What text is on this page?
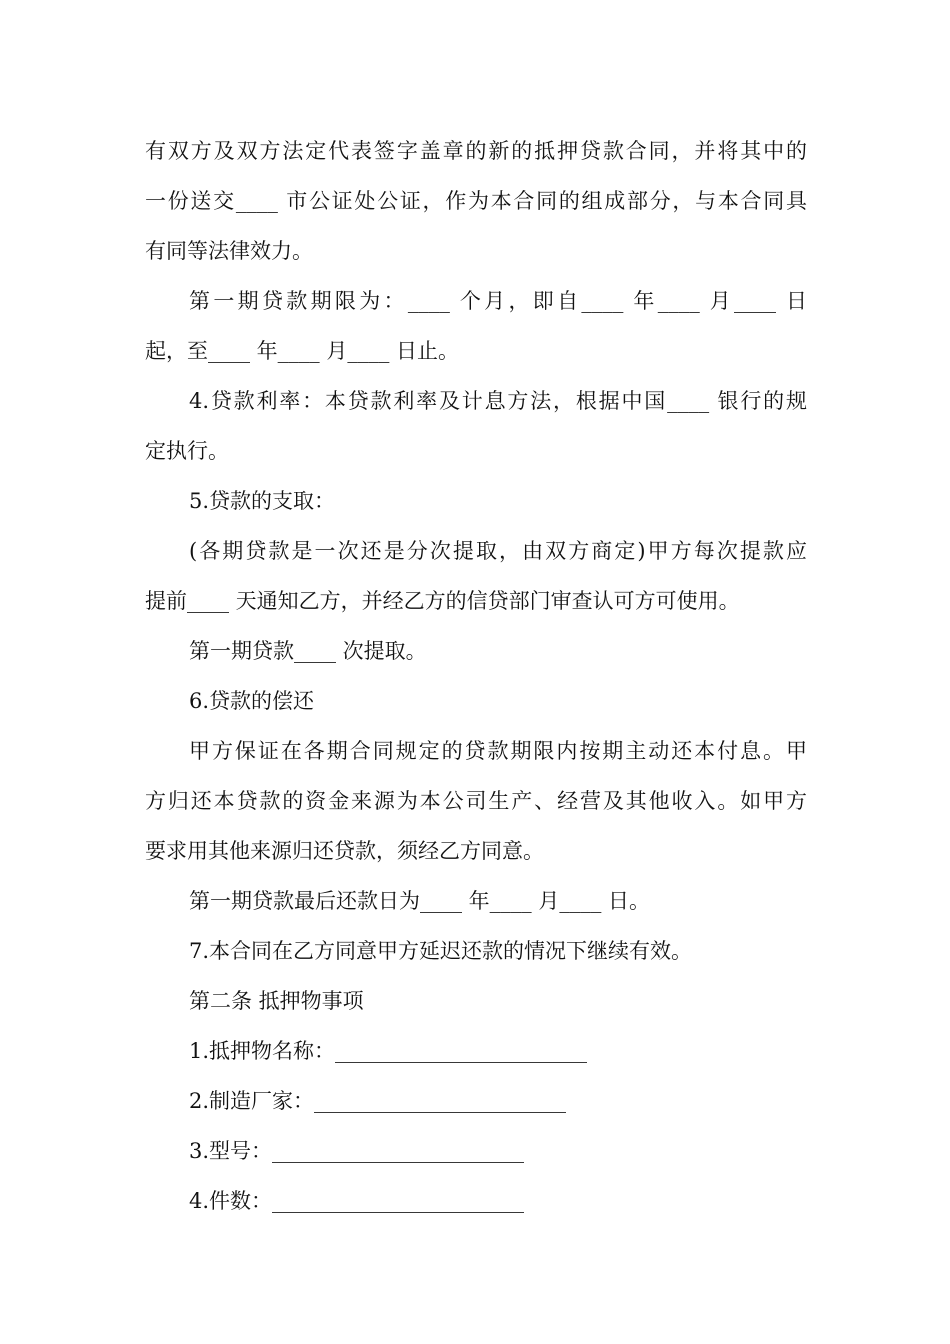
有双方及双方法定代表签字盖章的新的抵押贷款合同，并将其中的
一份送交____ 市公证处公证，作为本合同的组成部分，与本合同具
有同等法律效力。
第一期贷款期限为：____ 个月，即自____ 年____ 月____ 日
起，至____ 年____ 月____ 日止。
4.贷款利率：本贷款利率及计息方法，根据中国____ 银行的规
定执行。
5.贷款的支取：
(各期贷款是一次还是分次提取，由双方商定)甲方每次提款应
提前____ 天通知乙方，并经乙方的信贷部门审查认可方可使用。
第一期贷款____ 次提取。
6.贷款的偿还
甲方保证在各期合同规定的贷款期限内按期主动还本付息。甲
方归还本贷款的资金来源为本公司生产、经营及其他收入。如甲方
要求用其他来源归还贷款，须经乙方同意。
第一期贷款最后还款日为____ 年____ 月____ 日。
7.本合同在乙方同意甲方延迟还款的情况下继续有效。
第二条 抵押物事项
1.抵押物名称：________________________
2.制造厂家：________________________
3.型号：________________________
4.件数：________________________
